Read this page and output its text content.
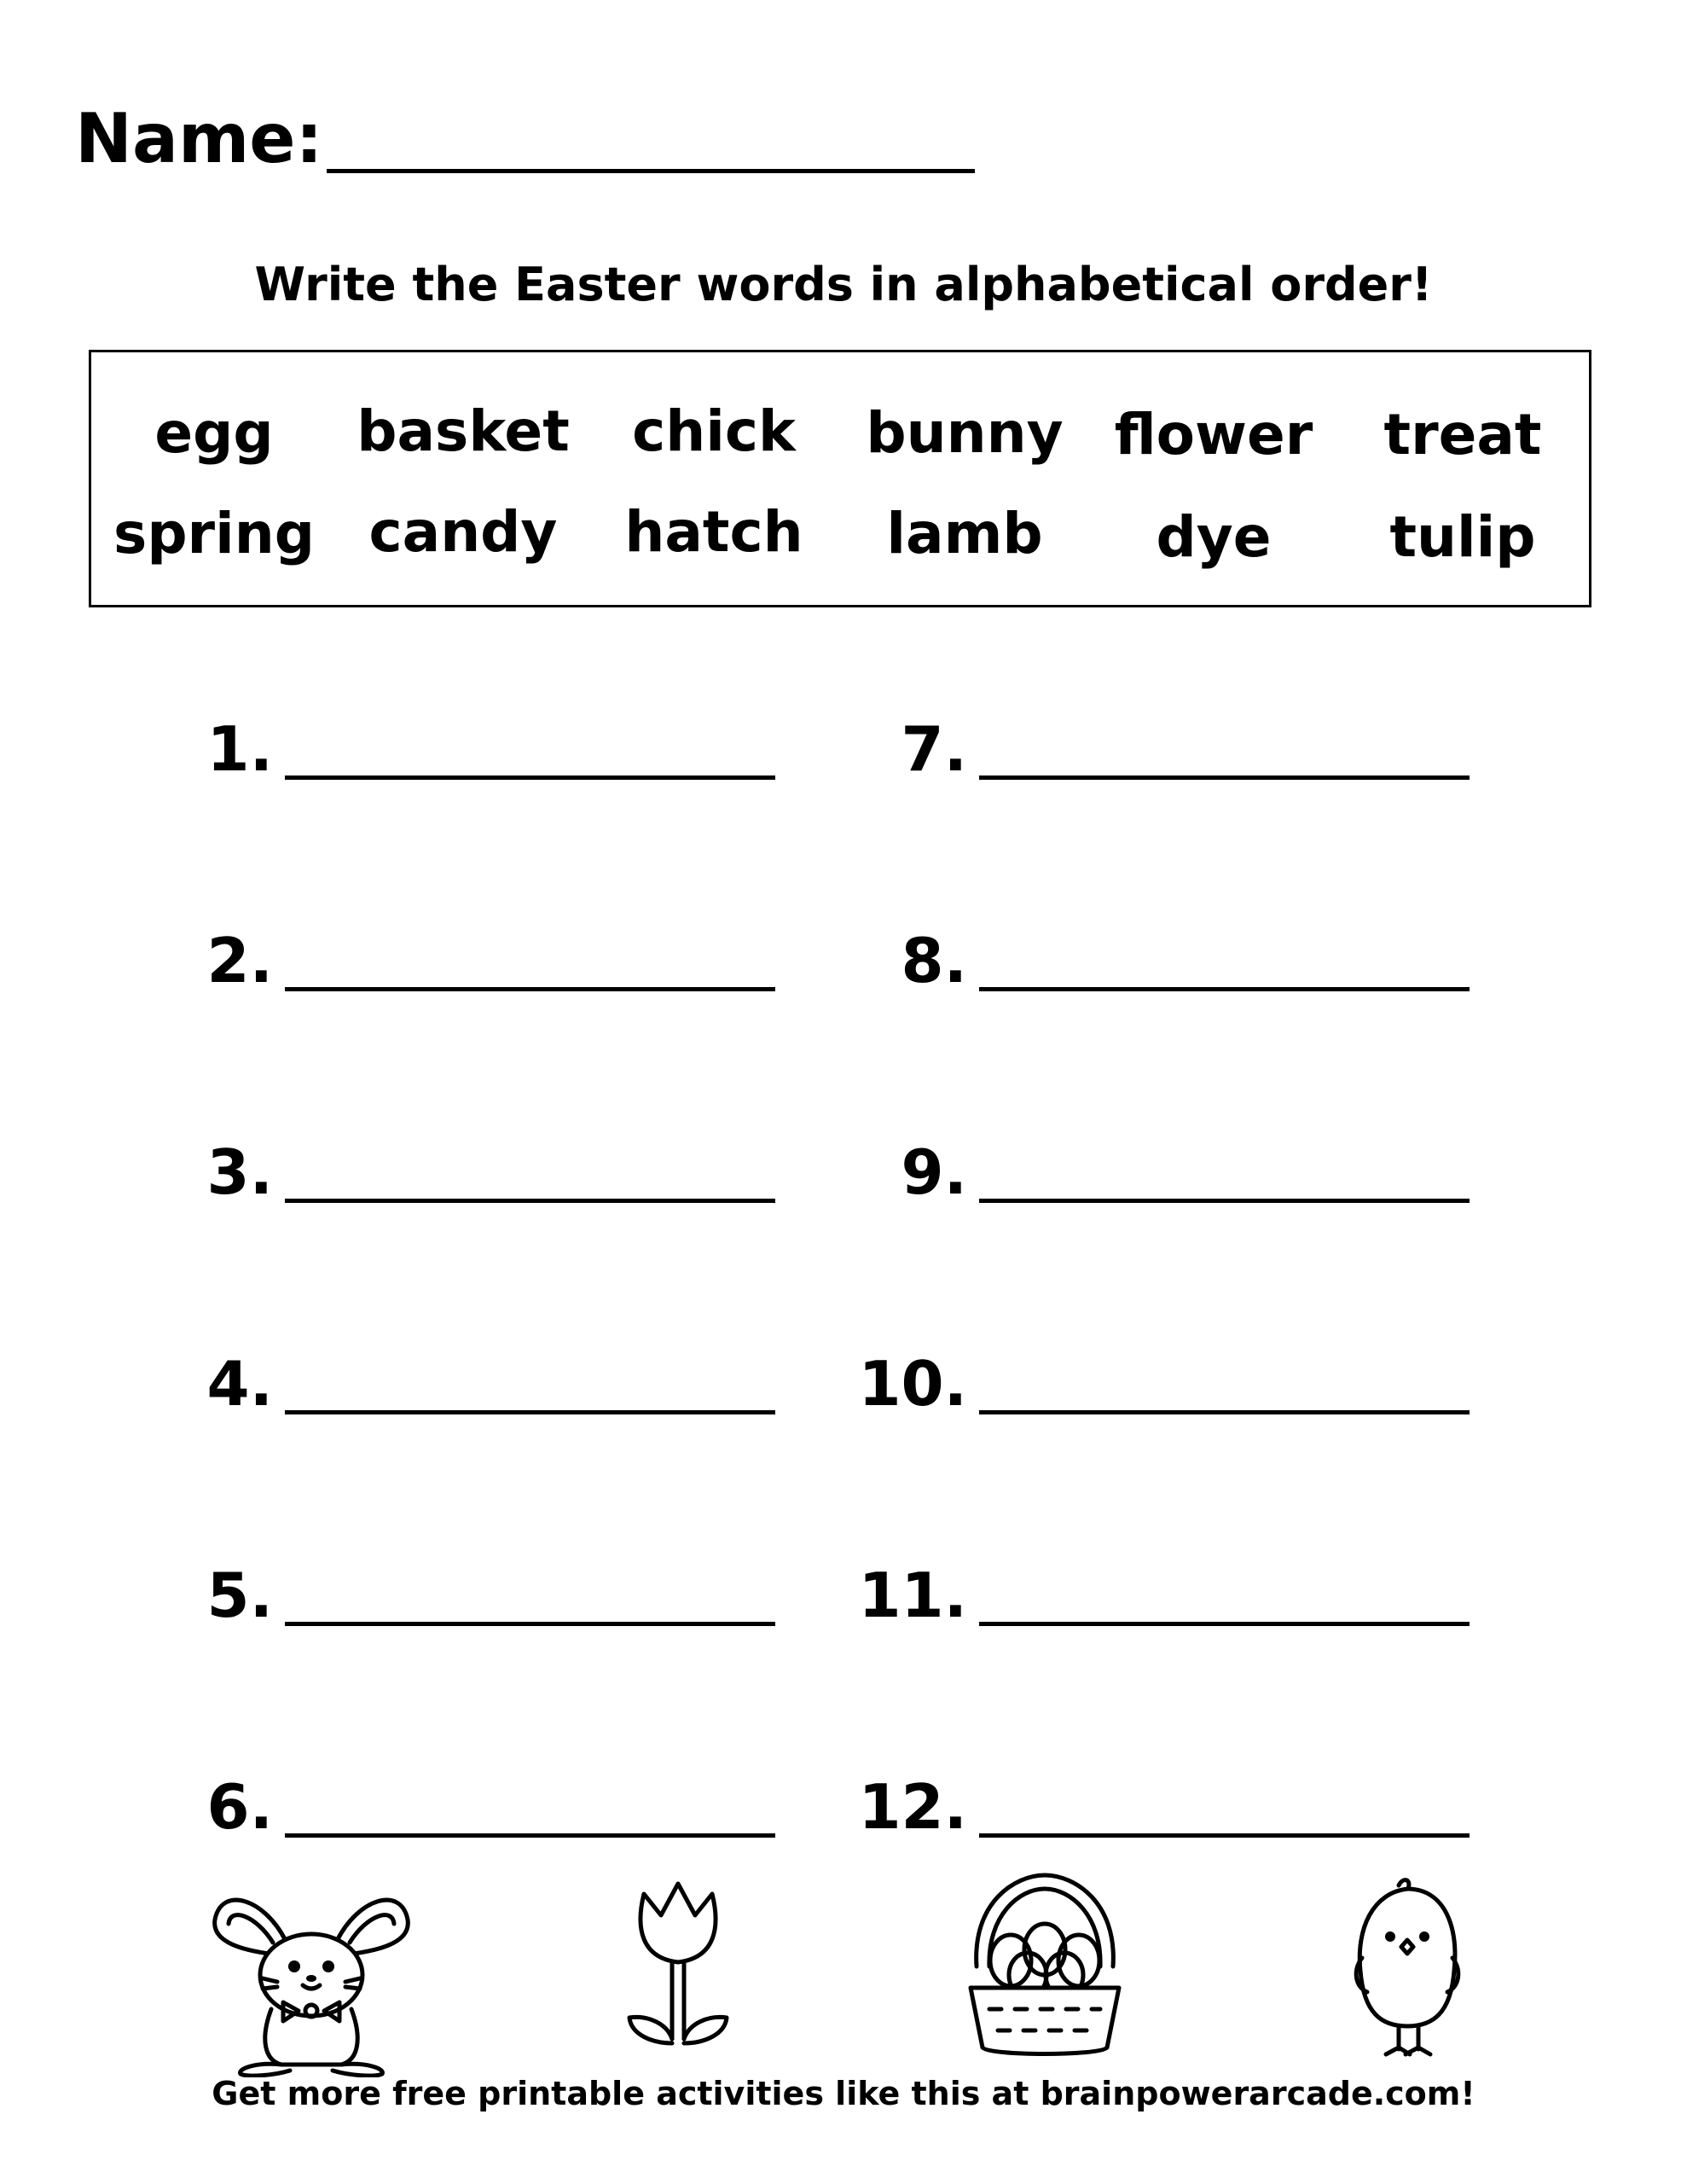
Name:
Write the Easter words in alphabetical order!
egg basket chick bunny flower treat
spring candy hatch lamb dye tulip
1.
2.
3.
4.
5.
6.
7.
8.
9.
10.
11.
12.
Get more free printable activities like this at brainpowerarcade.com!
